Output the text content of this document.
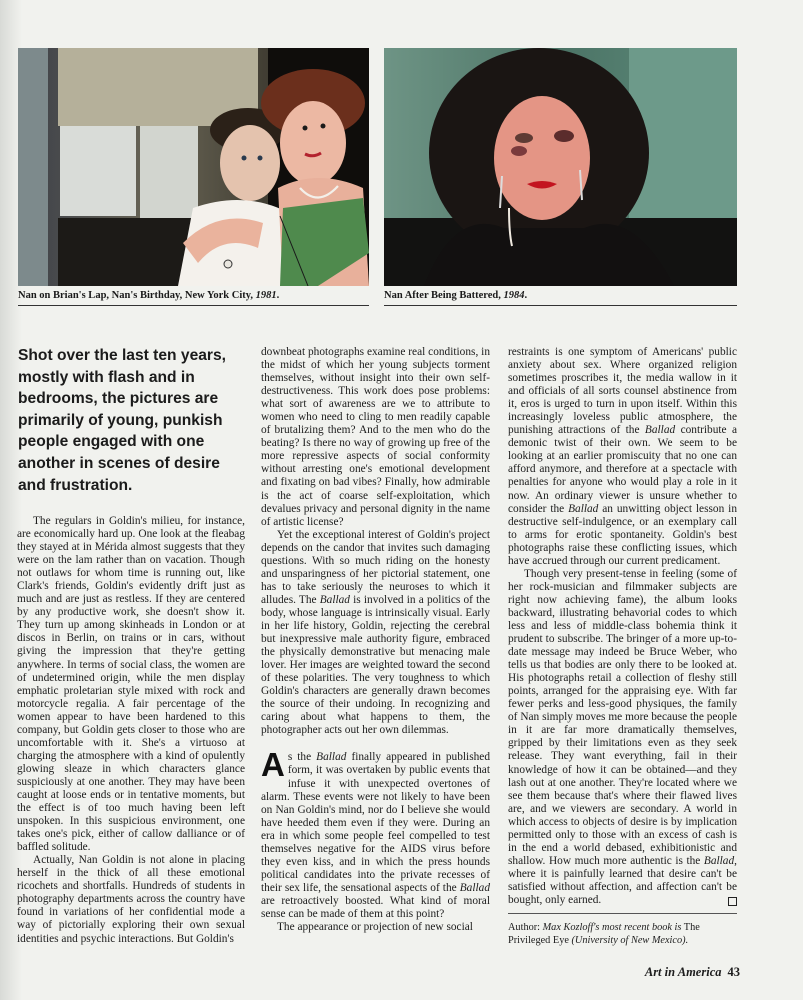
Nan on Brian's Lap, Nan's Birthday, New York City, 1981.	Nan After Being Battered, 1984.
Shot over the last ten years, mostly with flash and in bedrooms, the pictures are primarily of young, punkish people engaged with one another in scenes of desire and frustration.

The regulars in Goldin's milieu, for instance, are economically hard up. One look at the fleabag they stayed at in Mérida almost suggests that they were on the lam rather than on vacation. Though not outlaws for whom time is running out, like Clark's friends, Goldin's evidently drift just as much and are just as restless. If they are centered by any productive work, she doesn't show it. They turn up among skinheads in London or at discos in Berlin, on trains or in cars, without giving the impression that they're getting anywhere. In terms of social class, the women are of undetermined origin, while the men display emphatic proletarian style mixed with rock and motorcycle regalia. A fair percentage of the women appear to have been hardened to this company, but Goldin gets closer to those who are uncomfortable with it. She's a virtuoso at charging the atmosphere with a kind of opulently glowing sleaze in which characters glance suspiciously at one another. They may have been caught at loose ends or in tentative moments, but the effect is of too much having been left unspoken. In this suspicious environment, one takes one's pick, either of callow dalliance or of baffled solitude.

Actually, Nan Goldin is not alone in placing herself in the thick of all these emotional ricochets and shortfalls. Hundreds of students in photography departments across the country have found in variations of her confidential mode a way of pictorially exploring their own sexual identities and psychic interactions. But Goldin's

downbeat photographs examine real conditions, in the midst of which her young subjects torment themselves, without insight into their own self-destructiveness. This work does pose problems: what sort of awareness are we to attribute to women who need to cling to men readily capable of brutalizing them? And to the men who do the beating? Is there no way of growing up free of the more repressive aspects of social conformity without arresting one's emotional development and fixating on bad vibes? Finally, how admirable is the act of coarse self-exploitation, which devalues privacy and personal dignity in the name of artistic license?

Yet the exceptional interest of Goldin's project depends on the candor that invites such damaging questions. With so much riding on the honesty and unsparingness of her pictorial statement, one has to take seriously the neuroses to which it alludes. The Ballad is involved in a politics of the body, whose language is intrinsically visual. Early in her life history, Goldin, rejecting the cerebral but inexpressive male authority figure, embraced the physically demonstrative but menacing male lover. Her images are weighted toward the second of these polarities. The very toughness to which Goldin's characters are generally drawn becomes the source of their undoing. In recognizing and caring about what happens to them, the photographer acts out her own dilemmas.

As the Ballad finally appeared in published form, it was overtaken by public events that infuse it with unexpected overtones of alarm. These events were not likely to have been on Nan Goldin's mind, nor do I believe she would have heeded them even if they were. During an era in which some people feel compelled to test themselves negative for the AIDS virus before they even kiss, and in which the press hounds political candidates into the private recesses of their sex life, the sensational aspects of the Ballad are retroactively boosted. What kind of moral sense can be made of them at this point?

The appearance or projection of new social

restraints is one symptom of Americans' public anxiety about sex. Where organized religion sometimes proscribes it, the media wallow in it and officials of all sorts counsel abstinence from it, eros is urged to turn in upon itself. Within this increasingly loveless public atmosphere, the punishing attractions of the Ballad contribute a demonic twist of their own. We seem to be looking at an earlier promiscuity that no one can afford anymore, and therefore at a spectacle with penalties for anyone who would play a role in it now. An ordinary viewer is unsure whether to consider the Ballad an unwitting object lesson in destructive self-indulgence, or an exemplary call to arms for erotic spontaneity. Goldin's best photographs raise these conflicting issues, which have accrued through our current predicament.

Though very present-tense in feeling (some of her rock-musician and filmmaker subjects are right now achieving fame), the album looks backward, illustrating behavorial codes to which less and less of middle-class bohemia think it prudent to subscribe. The bringer of a more up-to-date message may indeed be Bruce Weber, who tells us that bodies are only there to be looked at. His photographs retail a collection of fleshy still points, arranged for the appraising eye. With far fewer perks and less-good physiques, the family of Nan simply moves me more because the people in it are far more dramatically themselves, gripped by their limitations even as they seek release. They want everything, fail in their knowledge of how it can be obtained—and they lash out at one another. They're located where we see them because that's where their flawed lives are, and we viewers are secondary. A world in which access to objects of desire is by implication permitted only to those with an excess of cash is in the end a world debased, exhibitionistic and shallow. How much more authentic is the Ballad, where it is painfully learned that desire can't be satisfied without affection, and affection can't be bought, only earned.

Author: Max Kozloff's most recent book is The Privileged Eye (University of New Mexico).
Art in America 43
